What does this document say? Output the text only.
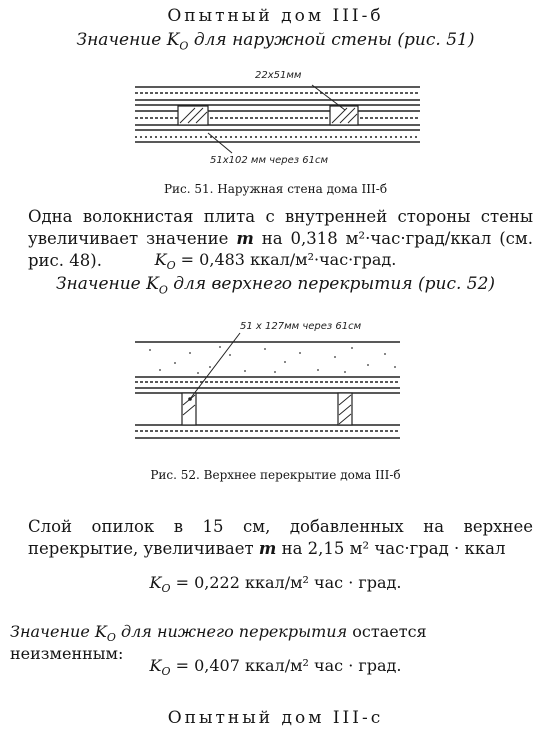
Опытный дом III-б
Значение $K_O$ для наружной стены (рис. 51)
22х51мм
51х102 мм через 61см
Рис. 51. Наружная стена дома III-б
Одна волокнистая плита с внутренней стороны стены увеличивает значение m на 0,318 м²·час·град/ккал (см. рис. 48).	$K_O = 0,483$ ккал/м²·час·град.
Значение $K_O$ для верхнего перекрытия (рис. 52)
51 х 127мм через 61см
Рис. 52. Верхнее перекрытие дома III-б
Слой опилок в 15 см, добавленных на верхнее перекрытие, увеличивает m на 2,15 м² час·град · ккал
$K_O = 0,222$ ккал/м² час · град.
Значение $K_O$ для нижнего перекрытия остается неизменным:
$K_O = 0,407$ ккал/м² час · град.
Опытный дом III-с
